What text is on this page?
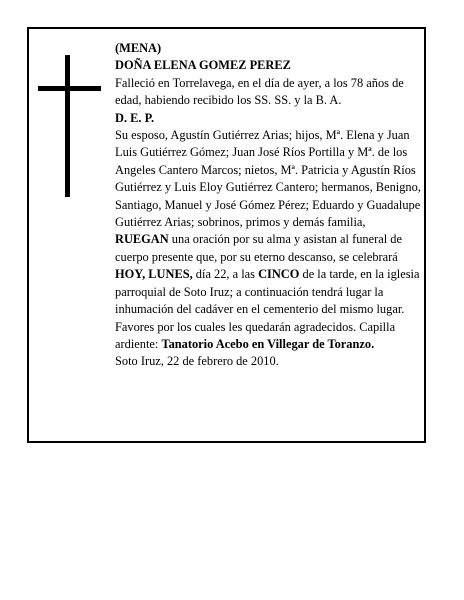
(MENA)

DOÑA ELENA GOMEZ PEREZ

Falleció en Torrelavega, en el día de ayer, a los 78 años de edad, habiendo recibido los SS. SS. y la B. A.

D. E. P.

Su esposo, Agustín Gutiérrez Arias; hijos, Mª. Elena y Juan Luis Gutiérrez Gómez; Juan José Ríos Portilla y Mª. de los Angeles Cantero Marcos; nietos, Mª. Patricia y Agustín Ríos Gutiérrez y Luis Eloy Gutiérrez Cantero; hermanos, Benigno, Santiago, Manuel y José Gómez Pérez; Eduardo y Guadalupe Gutiérrez Arias; sobrinos, primos y demás familia,

RUEGAN una oración por su alma y asistan al funeral de cuerpo presente que, por su eterno descanso, se celebrará HOY, LUNES, día 22, a las CINCO de la tarde, en la iglesia parroquial de Soto Iruz; a continuación tendrá lugar la inhumación del cadáver en el cementerio del mismo lugar. Favores por los cuales les quedarán agradecidos. Capilla ardiente: Tanatorio Acebo en Villegar de Toranzo.

Soto Iruz, 22 de febrero de 2010.
